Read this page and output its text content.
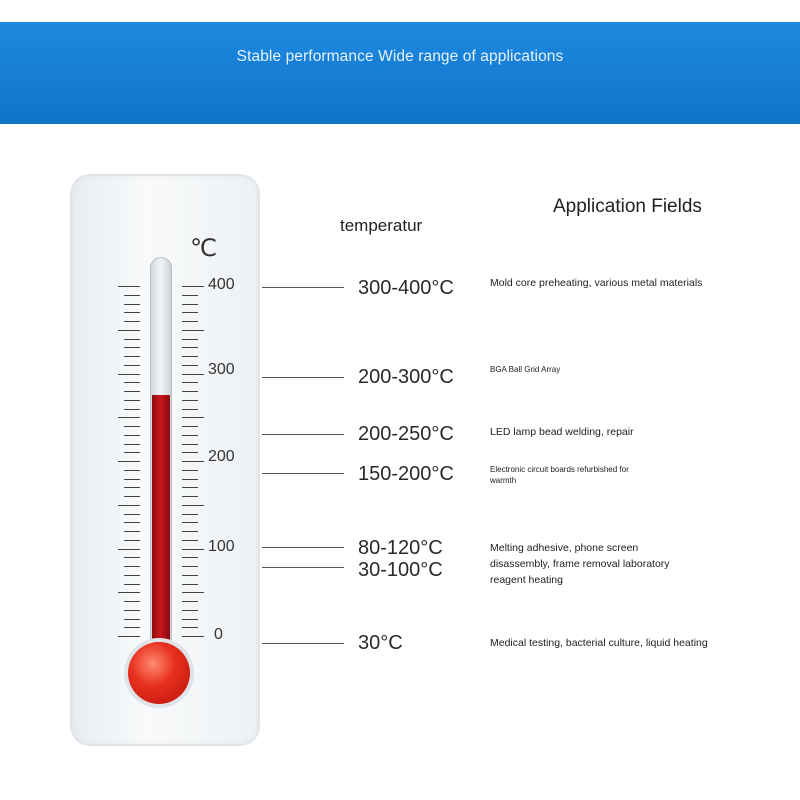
Stable performance Wide range of applications
℃
400
300
200
100
0
temperatur
Application Fields
300-400°C
200-300°C
200-250°C
150-200°C
80-120°C
30-100°C
30°C
Mold core preheating, various metal materials
BGA Ball Grid Array
LED lamp bead welding, repair
Electronic circuit boards refurbished for warmth
Melting adhesive, phone screen disassembly, frame removal laboratory reagent heating
Medical testing, bacterial culture, liquid heating
